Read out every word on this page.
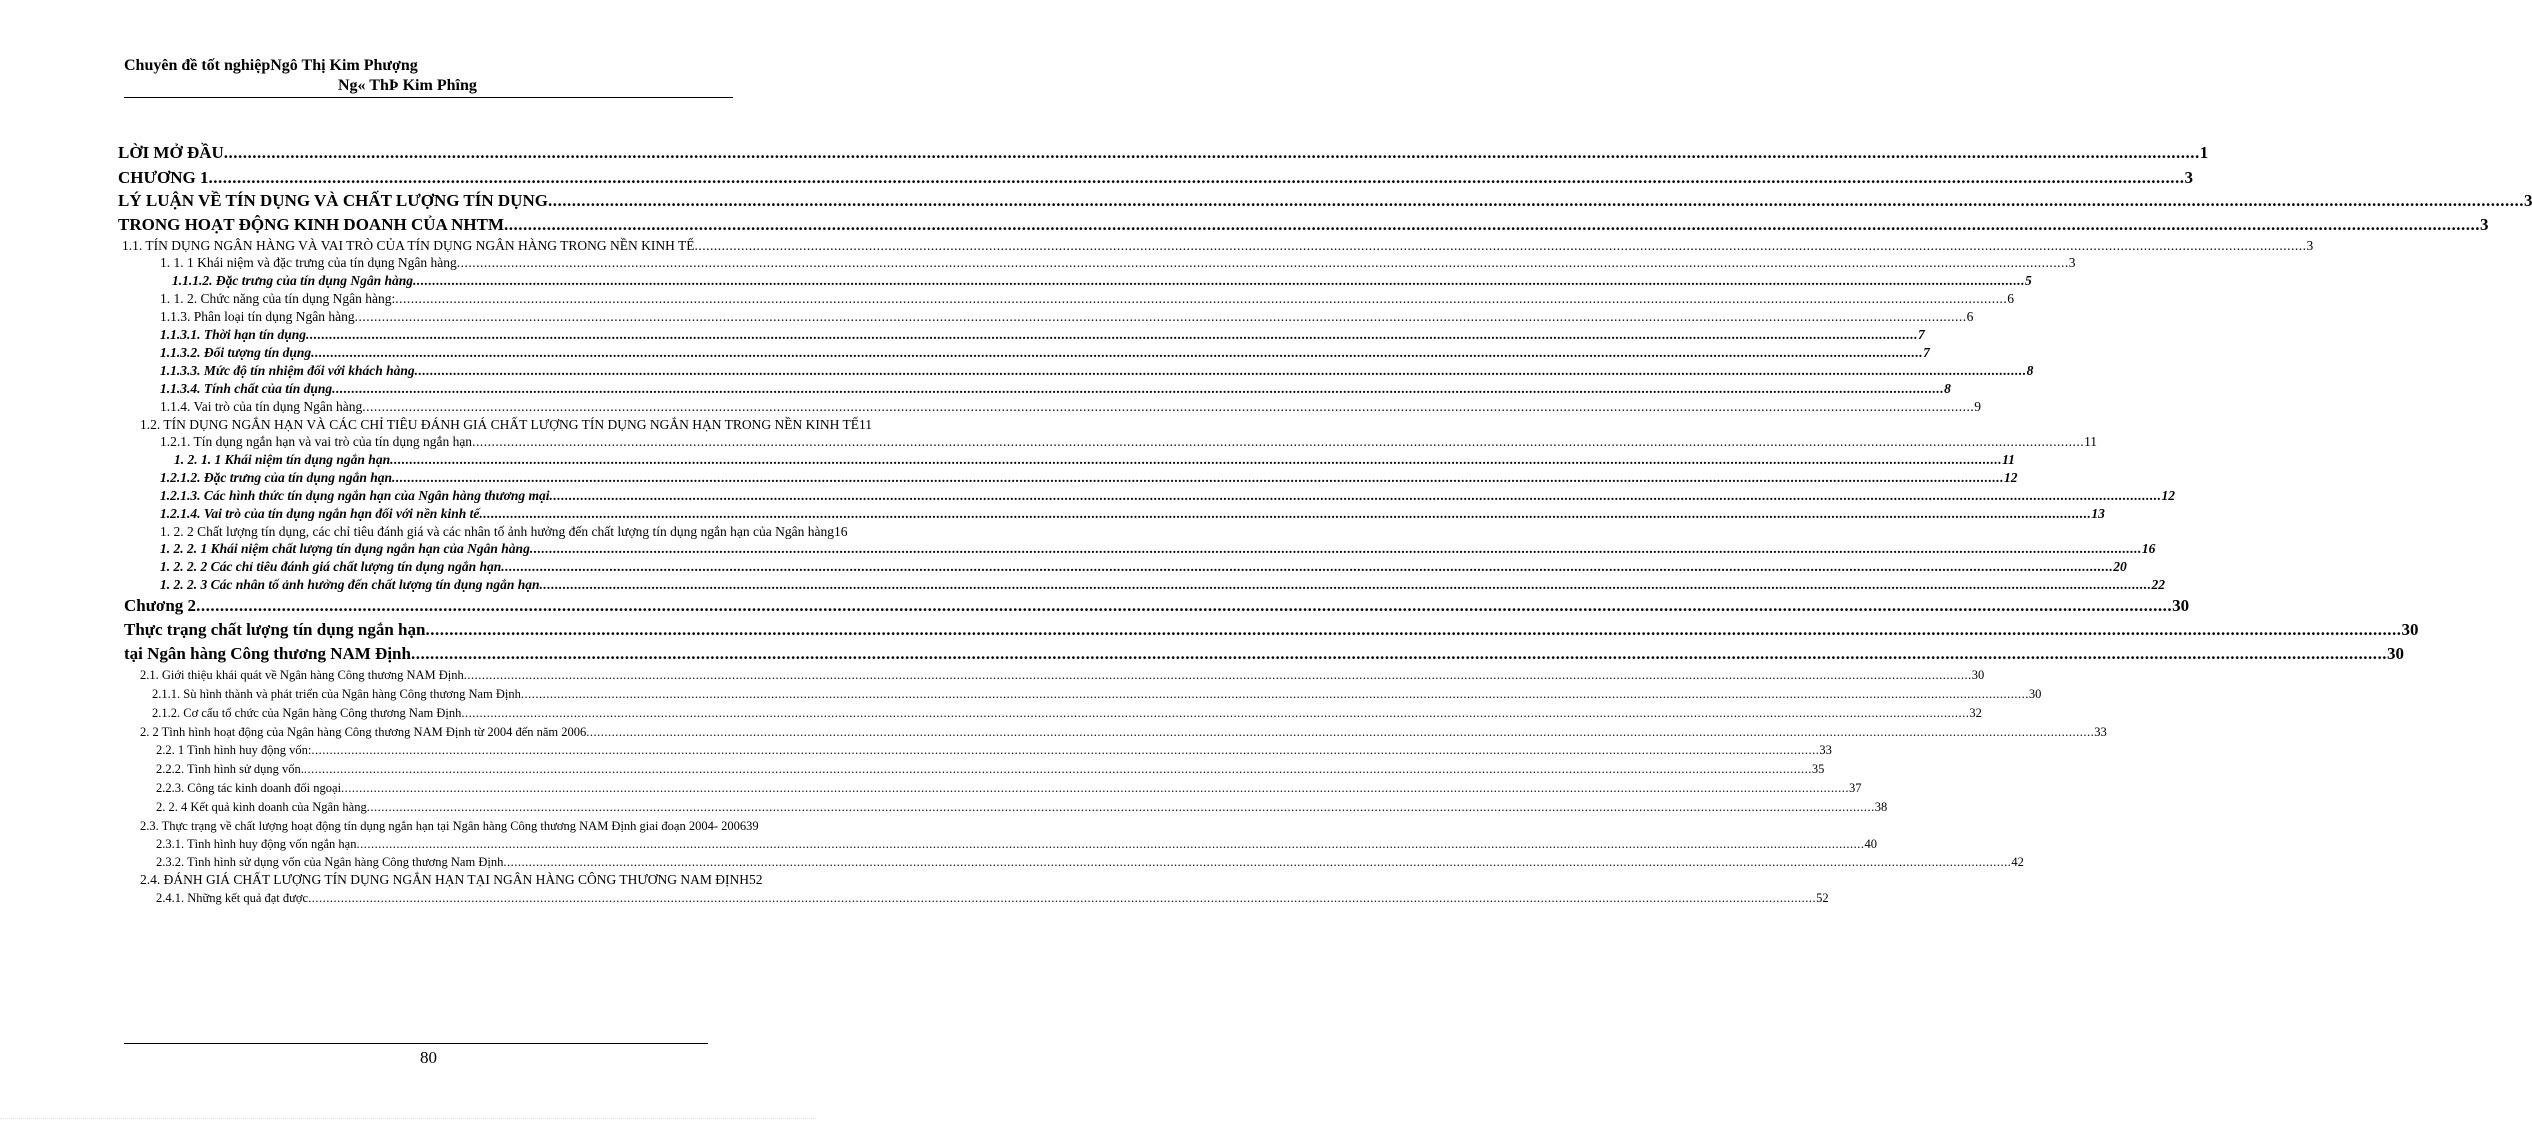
Chuyên đề tốt nghiệpNgô Thị Kim Phượng
Ng« ThÞ Kim Phîng
LỜI MỞ ĐẦU .....	1
CHƯƠNG 1 .....	3
LÝ LUẬN VỀ TÍN DỤNG VÀ CHẤT LƯỢNG TÍN DỤNG .....	3
TRONG HOẠT ĐỘNG KINH DOANH CỦA NHTM .....	3
1.1. TÍN DỤNG NGÂN HÀNG VÀ VAI TRÒ CỦA TÍN DỤNG NGÂN HÀNG TRONG NỀN KINH TẾ .....	3
1. 1. 1 Khái niệm và đặc trưng của tín dụng Ngân hàng .....	3
1.1.1.2. Đặc trưng của tín dụng Ngân hàng .....	5
1. 1. 2. Chức năng của tín dụng Ngân hàng: .....	6
1.1.3. Phân loại tín dụng Ngân hàng .....	6
1.1.3.1. Thời hạn tín dụng .....	7
1.1.3.2. Đối tượng tín dụng .....	7
1.1.3.3. Mức độ tín nhiệm đối với khách hàng .....	8
1.1.3.4. Tính chất của tín dụng .....	8
1.1.4. Vai trò của tín dụng Ngân hàng .....	9
1.2. TÍN DỤNG NGẮN HẠN VÀ CÁC CHỈ TIÊU ĐÁNH GIÁ CHẤT LƯỢNG TÍN DỤNG NGẮN HẠN TRONG NỀN KINH TẾ 11
1.2.1. Tín dụng ngắn hạn và vai trò của tín dụng ngắn hạn .....	11
1. 2. 1. 1 Khái niệm tín dụng ngắn hạn .....	11
1.2.1.2. Đặc trưng của tín dụng ngắn hạn .....	12
1.2.1.3. Các hình thức tín dụng ngắn hạn của Ngân hàng thương mại .....	12
1.2.1.4. Vai trò của tín dụng ngắn hạn đối với nền kinh tế .....	13
1. 2. 2 Chất lượng tín dụng, các chỉ tiêu đánh giá và các nhân tố ảnh hưởng đến chất lượng tín dụng ngắn hạn của Ngân hàng 16
1. 2. 2. 1 Khái niệm chất lượng tín dụng ngắn hạn của Ngân hàng .....	16
1. 2. 2. 2 Các chỉ tiêu đánh giá chất lượng tín dụng ngắn hạn .....	20
1. 2. 2. 3 Các nhân tố ảnh hưởng đến chất lượng tín dụng ngắn hạn .....	22
Chương 2 .....	30
Thực trạng chất lượng tín dụng ngắn hạn .....	30
tại Ngân hàng Công thương NAM Định .....	30
2.1. Giới thiệu khái quát về Ngân hàng Công thương NAM Định .....	30
2.1.1. Sù hình thành và phát triển của Ngân hàng Công thương Nam Định .....	30
2.1.2. Cơ cấu tổ chức của Ngân hàng Công thương Nam Định .....	32
2. 2 Tình hình hoạt động của Ngân hàng Công thương NAM Định từ 2004 đến năm 2006 .....	33
2.2. 1 Tình hình huy động vốn: .....	33
2.2.2. Tình hình sử dụng vốn. .....	35
2.2.3. Công tác kinh doanh đối ngoại .....	37
2. 2. 4 Kết quả kinh doanh của Ngân hàng .....	38
2.3. Thực trạng về chất lượng hoạt động tín dụng ngắn hạn tại Ngân hàng Công thương NAM Định giai đoạn 2004- 2006 39
2.3.1. Tình hình huy động vốn ngắn hạn .....	40
2.3.2. Tình hình sử dụng vốn của Ngân hàng Công thương Nam Định .....	42
2.4. ĐÁNH GIÁ CHẤT LƯỢNG TÍN DỤNG NGẮN HẠN TẠI NGÂN HÀNG CÔNG THƯƠNG NAM ĐỊNH 52
2.4.1. Những kết quả đạt được .....	52
80
